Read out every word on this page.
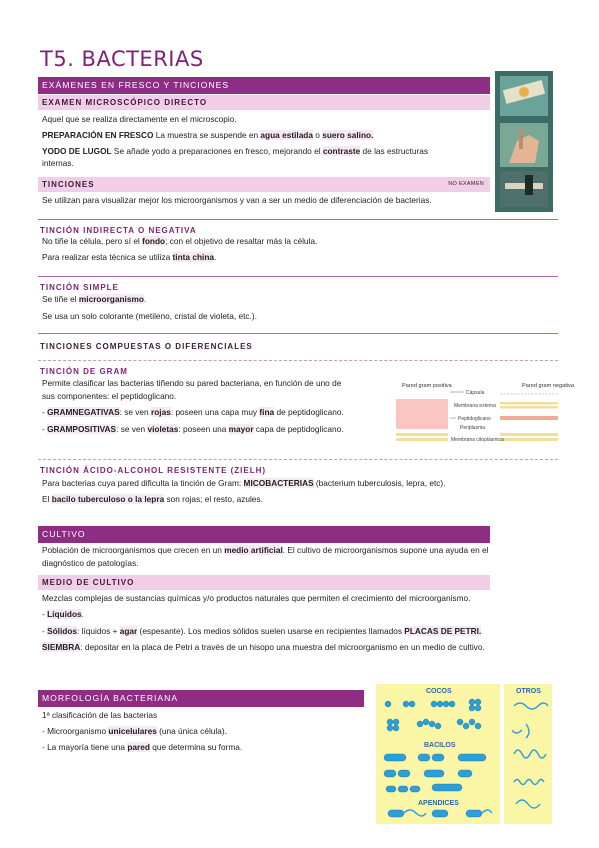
T5. BACTERIAS
EXÁMENES EN FRESCO Y TINCIONES
EXAMEN MICROSCÓPICO DIRECTO
Aquel que se realiza directamente en el microscopio.
PREPARACIÓN EN FRESCO La muestra se suspende en agua estilada o suero salino.
YODO DE LUGOL Se añade yodo a preparaciones en fresco, mejorando el contraste de las estructuras internas.
TINCIONES	NO EXAMEN
Se utilizan para visualizar mejor los microorganismos y van a ser un medio de diferenciación de bacterias.
TINCIÓN INDIRECTA O NEGATIVA
No tiñe la célula, pero sí el fondo; con el objetivo de resaltar más la célula.
Para realizar esta técnica se utiliza tinta china.
TINCIÓN SIMPLE
Se tiñe el microorganismo.
Se usa un solo colorante (metileno, cristal de violeta, etc.).
TINCIONES COMPUESTAS O DIFERENCIALES
TINCIÓN DE GRAM
Permite clasificar las bacterias tiñendo su pared bacteriana, en función de uno de
sus componentes: el peptidoglicano.
- GRAMNEGATIVAS: se ven rojas: poseen una capa muy fina de peptidoglicano.
- GRAMPOSITIVAS: se ven violetas: poseen una mayor capa de peptidoglicano.
Pared gram positiva	Pared gram negativa
Cápsula
Membrana externa
Peptidoglicano
Periplasma
Membrana citoplásmica
TINCIÓN ÁCIDO-ALCOHOL RESISTENTE (ZIELH)
Para bacterias cuya pared dificulta la tinción de Gram: MICOBACTERIAS (bacterium tuberculosis, lepra, etc).
El bacilo tuberculoso o la lepra son rojas; el resto, azules.
CULTIVO
Población de microorganismos que crecen en un medio artificial. El cultivo de microorganismos supone una ayuda en el
diagnóstico de patologías.
MEDIO DE CULTIVO
Mezclas complejas de sustancias químicas y/o productos naturales que permiten el crecimiento del microorganismo.
- Líquidos.
- Sólidos: líquidos + agar (espesante). Los medios sólidos suelen usarse en recipientes llamados PLACAS DE PETRI.
SIEMBRA: depositar en la placa de Petri a través de un hisopo una muestra del microorganismo en un medio de cultivo.
MORFOLOGÍA BACTERIANA
1ª clasificación de las bacterias
- Microorganismo unicelulares (una única célula).
- La mayoría tiene una pared que determina su forma.
COCOS	OTROS
BACILOS
APENDICES
